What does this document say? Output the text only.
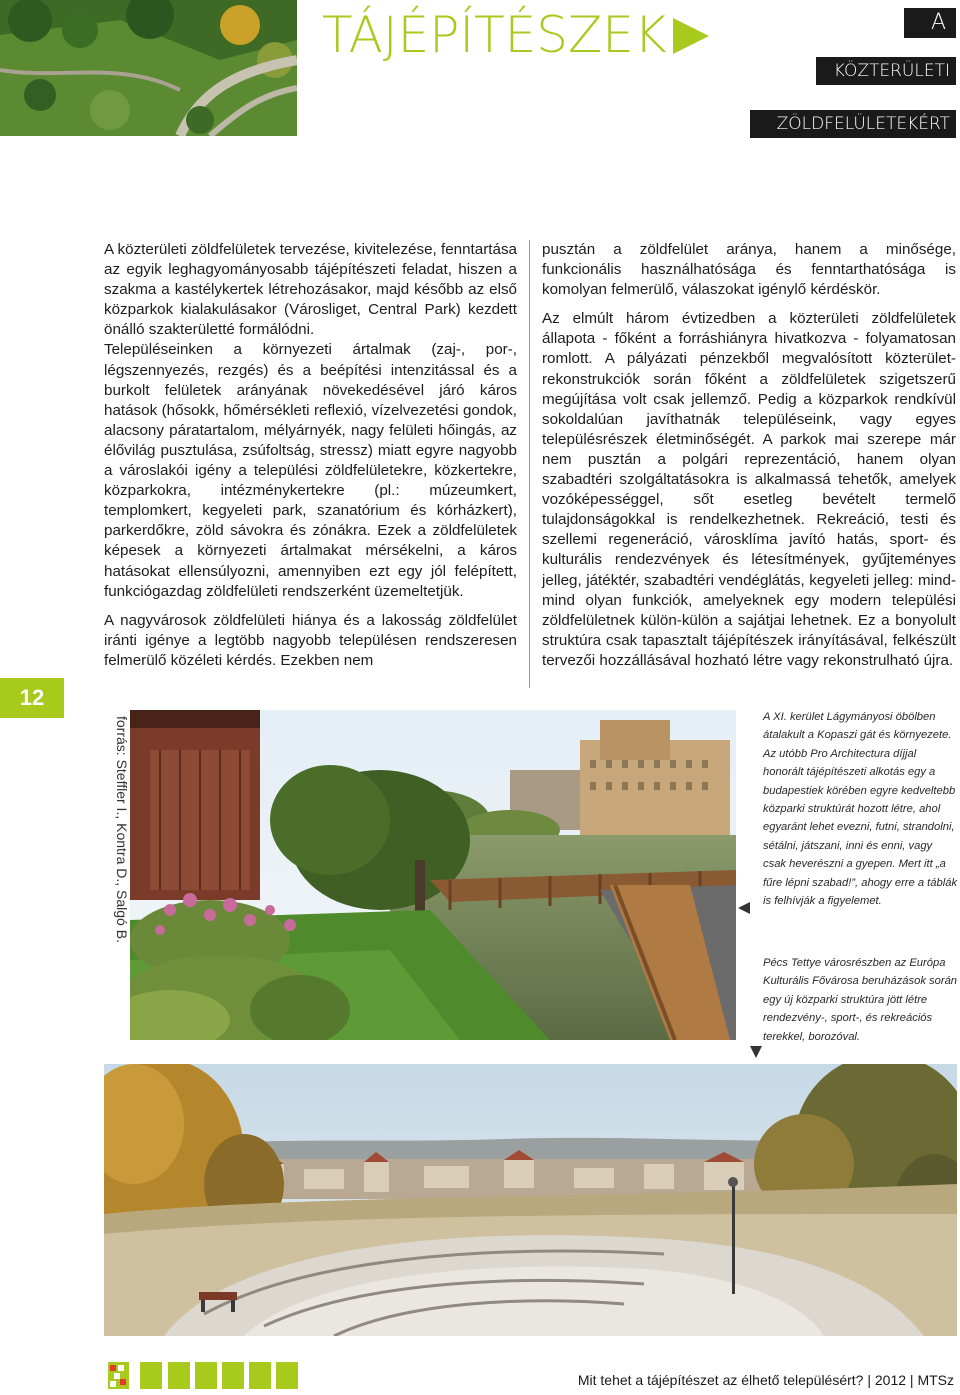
TÁJÉPÍTÉSZEK	A
KÖZTERÜLETI
ZÖLDFELÜLETEKÉRT
12

A közterületi zöldfelületek tervezése, kivitelezése, fenntartása az egyik leghagyományosabb tájépítészeti feladat, hiszen a szakma a kastélykertek létrehozásakor, majd később az első közparkok kialakulásakor (Városliget, Central Park) kezdett önálló szakterületté formálódni.

Településeinken a környezeti ártalmak (zaj-, por-, légszennyezés, rezgés) és a beépítési intenzitással és a burkolt felületek arányának növekedésével járó káros hatások (hősokk, hőmérsékleti reflexió, vízelvezetési gondok, alacsony páratartalom, mélyárnyék, nagy felületi hőingás, az élővilág pusztulása, zsúfoltság, stressz) miatt egyre nagyobb a városlakói igény a települési zöldfelületekre, közkertekre, közparkokra, intézménykertekre (pl.: múzeumkert, templomkert, kegyeleti park, szanatórium és kórházkert), parkerdőkre, zöld sávokra és zónákra. Ezek a zöldfelületek képesek a környezeti ártalmakat mérsékelni, a káros hatásokat ellensúlyozni, amennyiben ezt egy jól felépített, funkciógazdag zöldfelületi rendszerként üzemeltetjük.

A nagyvárosok zöldfelületi hiánya és a lakosság zöldfelület iránti igénye a legtöbb nagyobb településen rendszeresen felmerülő közéleti kérdés. Ezekben nem

pusztán a zöldfelület aránya, hanem a minősége, funkcionális használhatósága és fenntarthatósága is komolyan felmerülő, válaszokat igénylő kérdéskör.

Az elmúlt három évtizedben a közterületi zöldfelületek állapota - főként a forráshiányra hivatkozva - folyamatosan romlott. A pályázati pénzekből megvalósított közterület-rekonstrukciók során főként a zöldfelületek szigetszerű megújítása volt csak jellemző. Pedig a közparkok rendkívül sokoldalúan javíthatnák településeink, vagy egyes településrészek életminőségét. A parkok mai szerepe már nem pusztán a polgári reprezentáció, hanem olyan szabadtéri szolgáltatásokra is alkalmassá tehetők, amelyek vozóképességgel, sőt esetleg bevételt termelő tulajdonságokkal is rendelkezhetnek. Rekreáció, testi és szellemi regeneráció, városklíma javító hatás, sport- és kulturális rendezvények és létesítmények, gyűjteményes jelleg, játéktér, szabadtéri vendéglátás, kegyeleti jelleg: mind-mind olyan funkciók, amelyeknek egy modern települési zöldfelületnek külön-külön a sajátjai lehetnek. Ez a bonyolult struktúra csak tapasztalt tájépítészek irányításával, felkészült tervezői hozzállásával hozható létre vagy rekonstrulható újra.

forrás: Steffler I., Kontra D., Salgó B.	A XI. kerület Lágymányosi öbölben átalakult a Kopaszi gát és környezete. Az utóbb Pro Architectura díjjal honorált tájépítészeti alkotás egy a budapestiek körében egyre kedveltebb közparki struktúrát hozott létre, ahol egyaránt lehet evezni, futni, strandolni, sétálni, játszani, inni és enni, vagy csak heverészni a gyepen. Mert itt „a fűre lépni szabad!”, ahogy erre a táblák is felhívják a figyelemet.
Pécs Tettye városrészben az Európa Kulturális Fővárosa beruházások során egy új közparki struktúra jött létre rendezvény-, sport-, és rekreációs terekkel, borozóval.
Mit tehet a tájépítészet az élhető településért? | 2012 | MTSz
